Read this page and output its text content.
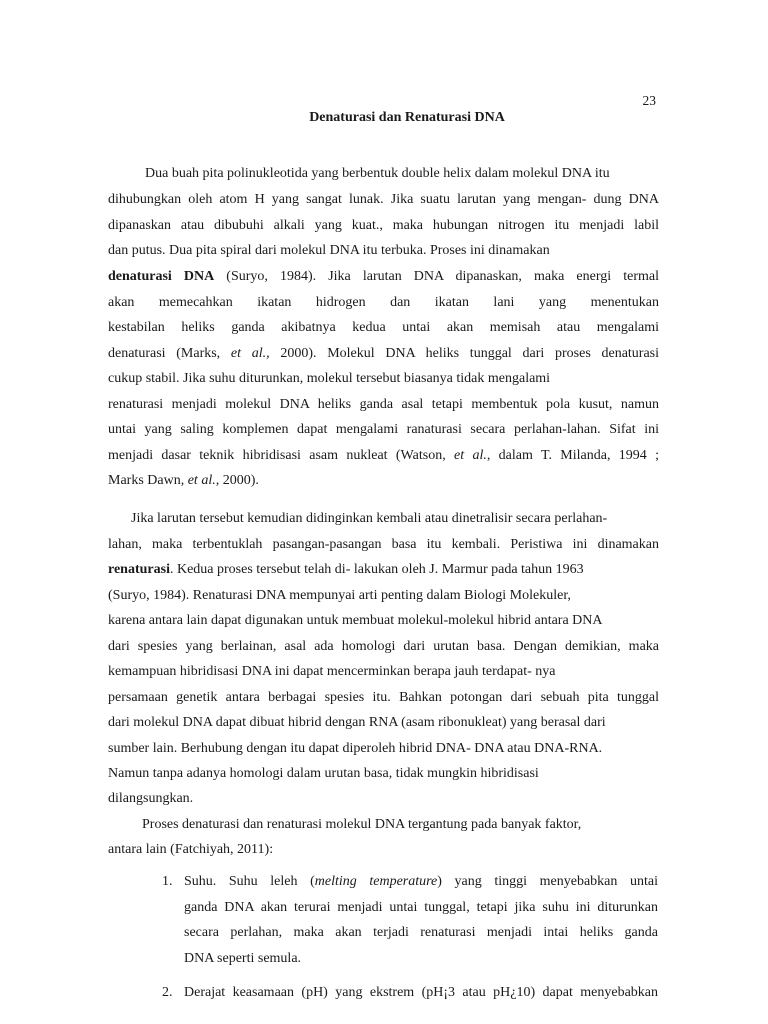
23
Denaturasi dan Renaturasi DNA
Dua buah pita polinukleotida yang berbentuk double helix dalam molekul DNA itu
dihubungkan oleh atom H yang sangat lunak. Jika suatu larutan yang mengan- dung DNA
dipanaskan atau dibubuhi alkali yang kuat., maka hubungan nitrogen itu menjadi labil
dan putus. Dua pita spiral dari molekul DNA itu terbuka. Proses ini dinamakan
denaturasi DNA (Suryo, 1984). Jika larutan DNA dipanaskan, maka energi termal
akan memecahkan ikatan hidrogen dan ikatan lani yang menentukan
kestabilan heliks ganda akibatnya kedua untai akan memisah atau mengalami
denaturasi (Marks, et al., 2000). Molekul DNA heliks tunggal dari proses denaturasi
cukup stabil. Jika suhu diturunkan, molekul tersebut biasanya tidak mengalami
renaturasi menjadi molekul DNA heliks ganda asal tetapi membentuk pola kusut, namun
untai yang saling komplemen dapat mengalami ranaturasi secara perlahan-lahan. Sifat ini
menjadi dasar teknik hibridisasi asam nukleat (Watson, et al., dalam T. Milanda, 1994 ;
Marks Dawn, et al., 2000).
Jika larutan tersebut kemudian didinginkan kembali atau dinetralisir secara perlahan-
lahan, maka terbentuklah pasangan-pasangan basa itu kembali. Peristiwa ini dinamakan
renaturasi. Kedua proses tersebut telah di- lakukan oleh J. Marmur pada tahun 1963
(Suryo, 1984). Renaturasi DNA mempunyai arti penting dalam Biologi Molekuler,
karena antara lain dapat digunakan untuk membuat molekul-molekul hibrid antara DNA
dari spesies yang berlainan, asal ada homologi dari urutan basa. Dengan demikian, maka
kemampuan hibridisasi DNA ini dapat mencerminkan berapa jauh terdapat- nya
persamaan genetik antara berbagai spesies itu. Bahkan potongan dari sebuah pita tunggal
dari molekul DNA dapat dibuat hibrid dengan RNA (asam ribonukleat) yang berasal dari
sumber lain. Berhubung dengan itu dapat diperoleh hibrid DNA- DNA atau DNA-RNA.
Namun tanpa adanya homologi dalam urutan basa, tidak mungkin hibridisasi
dilangsungkan.
Proses denaturasi dan renaturasi molekul DNA tergantung pada banyak faktor,
antara lain (Fatchiyah, 2011):
1. Suhu. Suhu leleh (melting temperature) yang tinggi menyebabkan untai
ganda DNA akan terurai menjadi untai tunggal, tetapi jika suhu ini diturunkan
secara perlahan, maka akan terjadi renaturasi menjadi intai heliks ganda
DNA seperti semula.
2. Derajat keasamaan (pH) yang ekstrem (pH¡3 atau pH¿10) dapat menyebabkan
